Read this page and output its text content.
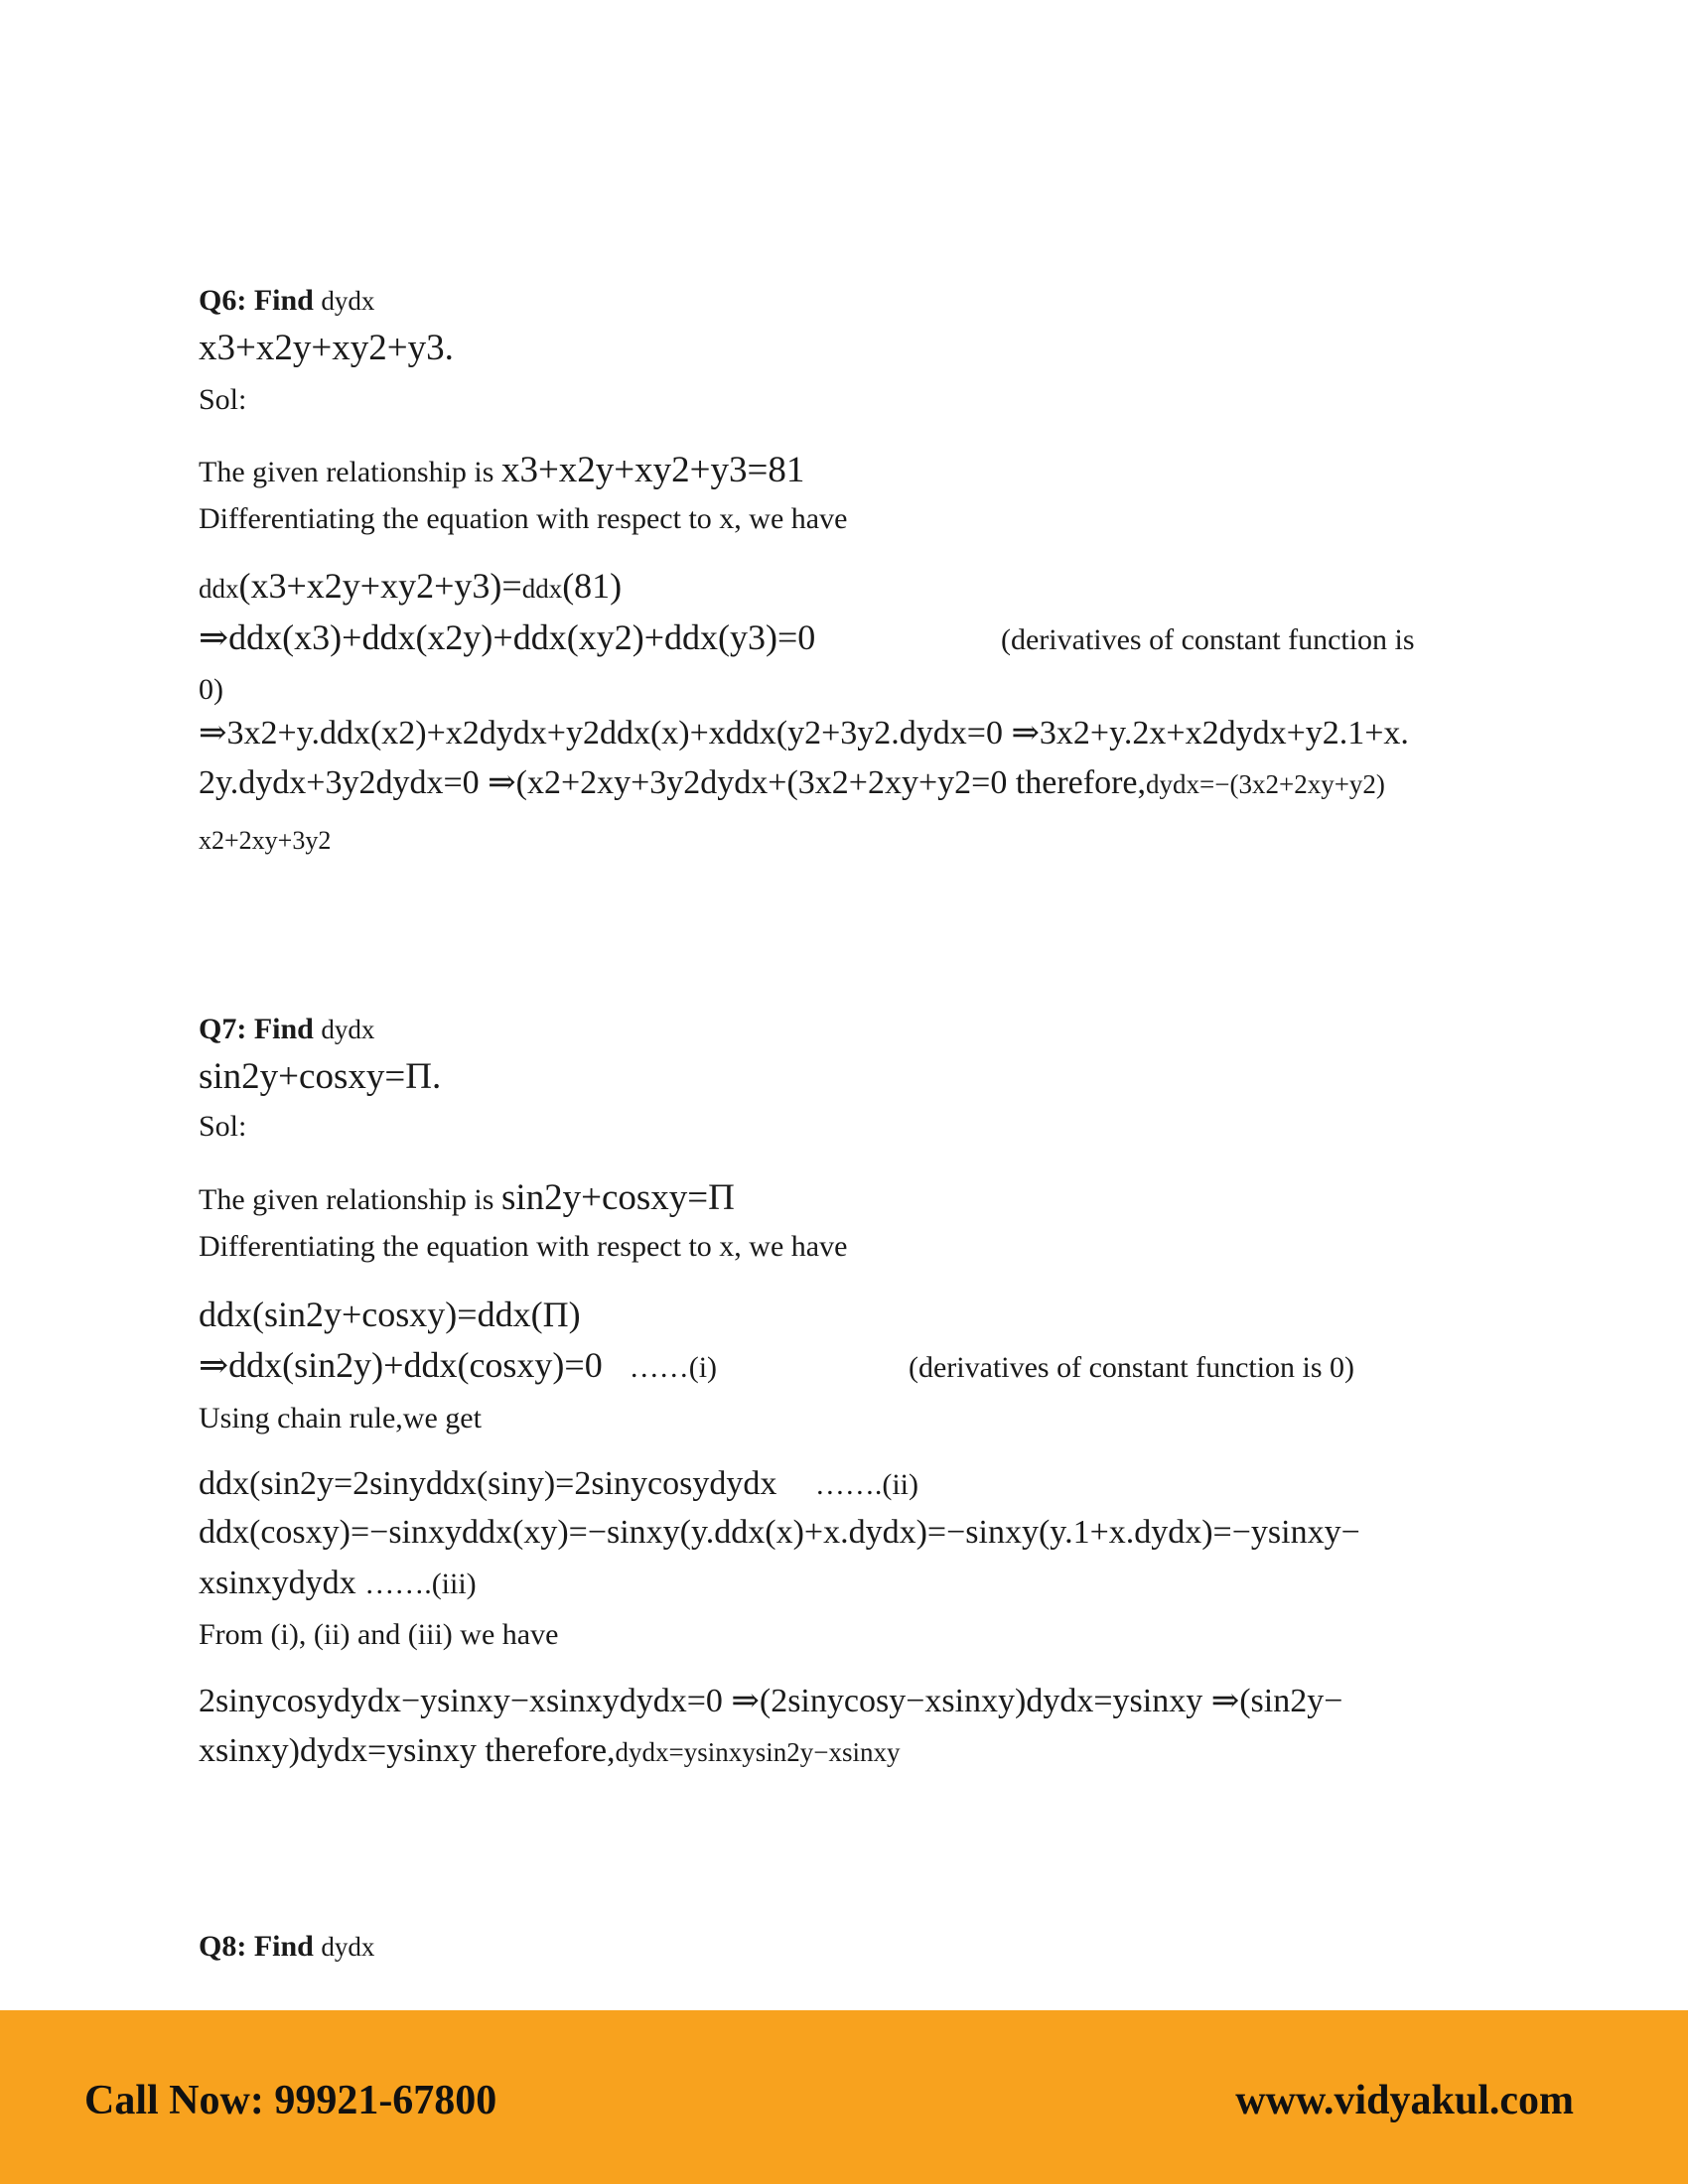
Q6: Find dydx
x3+x2y+xy2+y3.
Sol:
The given relationship is x3+x2y+xy2+y3=81
Differentiating the equation with respect to x, we have
ddx(x3+x2y+xy2+y3)=ddx(81)
⇒ddx(x3)+ddx(x2y)+ddx(xy2)+ddx(y3)=0	(derivatives of constant function is
0)
⇒3x2+y.ddx(x2)+x2dydx+y2ddx(x)+xddx(y2+3y2.dydx=0 ⇒3x2+y.2x+x2dydx+y2.1+x.
2y.dydx+3y2dydx=0 ⇒(x2+2xy+3y2dydx+(3x2+2xy+y2=0 therefore,dydx=−(3x2+2xy+y2)
x2+2xy+3y2
Q7: Find dydx
sin2y+cosxy=Π.
Sol:
The given relationship is sin2y+cosxy=Π
Differentiating the equation with respect to x, we have
ddx(sin2y+cosxy)=ddx(Π)
⇒ddx(sin2y)+ddx(cosxy)=0 ……(i)	(derivatives of constant function is 0)
Using chain rule,we get
ddx(sin2y=2sinyddx(siny)=2sinycosydydx …….(ii)
ddx(cosxy)=−sinxyddx(xy)=−sinxy(y.ddx(x)+x.dydx)=−sinxy(y.1+x.dydx)=−ysinxy−
xsinxydydx …….(iii)
From (i), (ii) and (iii) we have
2sinycosydydx−ysinxy−xsinxydydx=0 ⇒(2sinycosy−xsinxy)dydx=ysinxy ⇒(sin2y−
xsinxy)dydx=ysinxy therefore,dydx=ysinxysin2y−xsinxy
Q8: Find dydx
Call Now: 99921-67800	www.vidyakul.com
